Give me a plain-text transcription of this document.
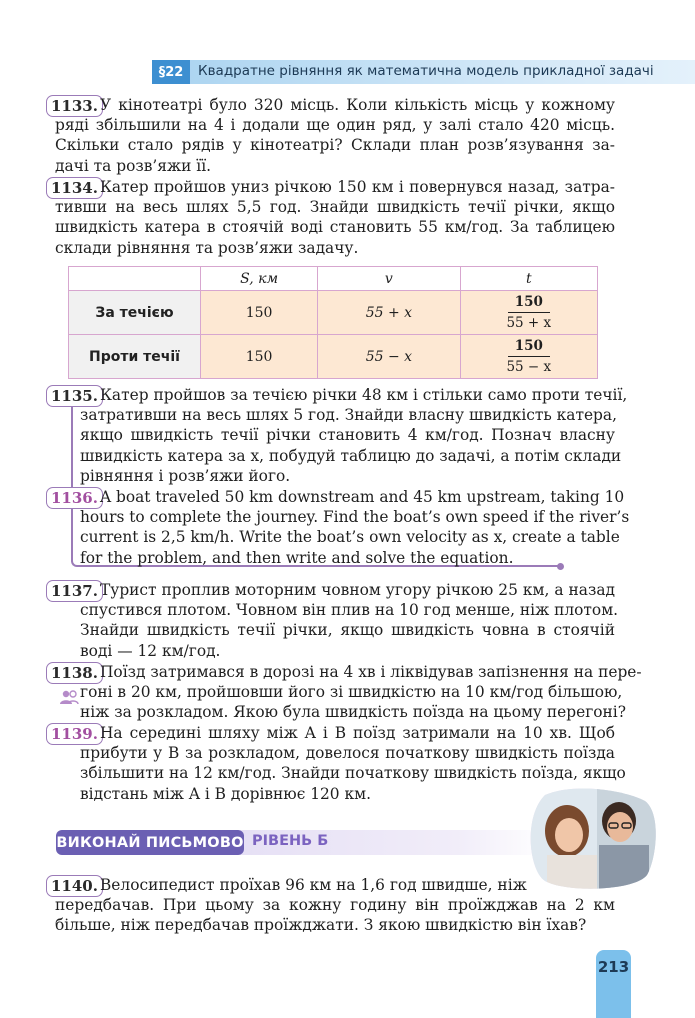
§22	Квадратне рівняння як математична модель прикладної задачі
1133. У кінотеатрі було 320 місць. Коли кількість місць у кожному
ряді збільшили на 4 і додали ще один ряд, у залі стало 420 місць.
Скільки стало рядів у кінотеатрі? Склади план розв’язування за-
дачі та розв’яжи її.
1134. Катер пройшов униз річкою 150 км і повернувся назад, затра-
тивши на весь шлях 5,5 год. Знайди швидкість течії річки, якщо
швидкість катера в стоячій воді становить 55 км/год. За таблицею
склади рівняння та розв’яжи задачу.
	S, км	v	t
За течією	150	55 + x	$\frac{150}{55 + x}$

Проти течії	150	55 − x	$\frac{150}{55 - x}$
1135. Катер пройшов за течією річки 48 км і стільки само проти течії,
затративши на весь шлях 5 год. Знайди власну швидкість катера,
якщо швидкість течії річки становить 4 км/год. Познач власну
швидкість катера за x, побудуй таблицю до задачі, а потім склади
рівняння і розв’яжи його.
1136. A boat traveled 50 km downstream and 45 km upstream, taking 10
hours to complete the journey. Find the boat’s own speed if the river’s
current is 2,5 km/h. Write the boat’s own velocity as x, create a table
for the problem, and then write and solve the equation.
1137. Турист проплив моторним човном угору річкою 25 км, а назад
спустився плотом. Човном він плив на 10 год менше, ніж плотом.
Знайди швидкість течії річки, якщо швидкість човна в стоячій
воді — 12 км/год.
1138. Поїзд затримався в дорозі на 4 хв і ліквідував запізнення на пере-
гоні в 20 км, пройшовши його зі швидкістю на 10 км/год більшою,
ніж за розкладом. Якою була швидкість поїзда на цьому перегоні?
1139. На середині шляху між A і B поїзд затримали на 10 хв. Щоб
прибути у B за розкладом, довелося початкову швидкість поїзда
збільшити на 12 км/год. Знайди початкову швидкість поїзда, якщо
відстань між A і B дорівнює 120 км.
ВИКОНАЙ ПИСЬМОВО РІВЕНЬ Б
1140. Велосипедист проїхав 96 км на 1,6 год швидше, ніж
передбачав. При цьому за кожну годину він проїжджав на 2 км
більше, ніж передбачав проїжджати. З якою швидкістю він їхав?
213
